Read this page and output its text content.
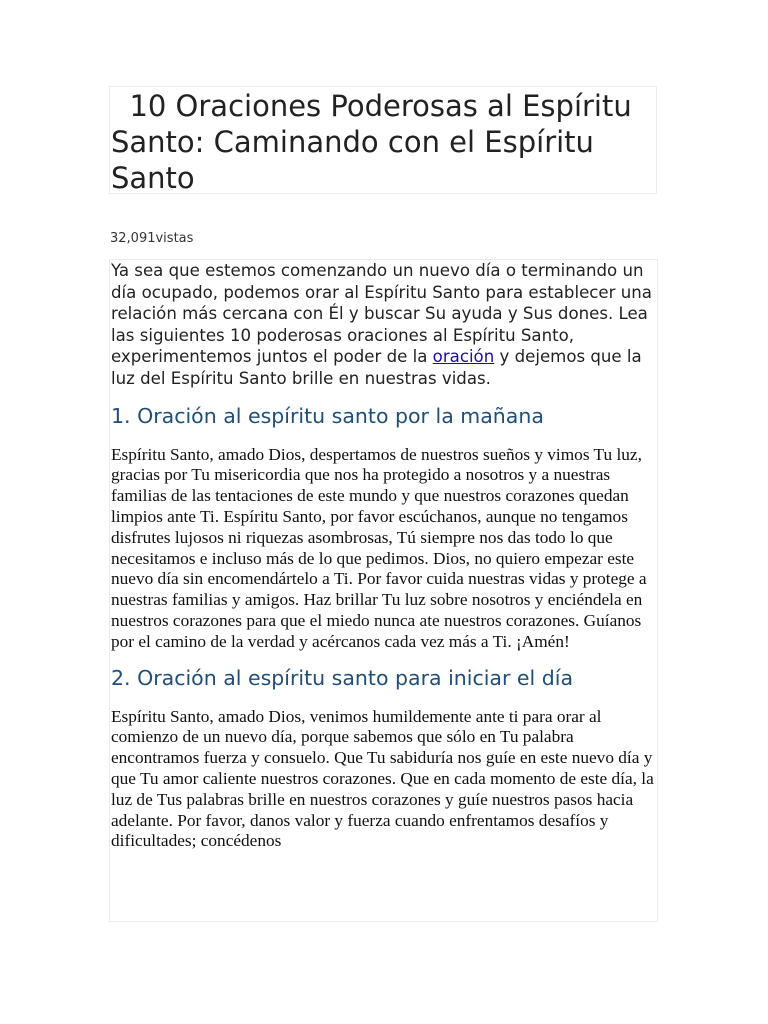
10 Oraciones Poderosas al Espíritu Santo: Caminando con el Espíritu Santo
32,091vistas

Ya sea que estemos comenzando un nuevo día o terminando un día ocupado, podemos orar al Espíritu Santo para establecer una relación más cercana con Él y buscar Su ayuda y Sus dones. Lea las siguientes 10 poderosas oraciones al Espíritu Santo, experimentemos juntos el poder de la oración y dejemos que la luz del Espíritu Santo brille en nuestras vidas.

1. Oración al espíritu santo por la mañana

Espíritu Santo, amado Dios, despertamos de nuestros sueños y vimos Tu luz, gracias por Tu misericordia que nos ha protegido a nosotros y a nuestras familias de las tentaciones de este mundo y que nuestros corazones quedan limpios ante Ti. Espíritu Santo, por favor escúchanos, aunque no tengamos disfrutes lujosos ni riquezas asombrosas, Tú siempre nos das todo lo que necesitamos e incluso más de lo que pedimos. Dios, no quiero empezar este nuevo día sin encomendártelo a Ti. Por favor cuida nuestras vidas y protege a nuestras familias y amigos. Haz brillar Tu luz sobre nosotros y enciéndela en nuestros corazones para que el miedo nunca ate nuestros corazones. Guíanos por el camino de la verdad y acércanos cada vez más a Ti. ¡Amén!

2. Oración al espíritu santo para iniciar el día

Espíritu Santo, amado Dios, venimos humildemente ante ti para orar al comienzo de un nuevo día, porque sabemos que sólo en Tu palabra encontramos fuerza y consuelo. Que Tu sabiduría nos guíe en este nuevo día y que Tu amor caliente nuestros corazones. Que en cada momento de este día, la luz de Tus palabras brille en nuestros corazones y guíe nuestros pasos hacia adelante. Por favor, danos valor y fuerza cuando enfrentamos desafíos y dificultades; concédenos
